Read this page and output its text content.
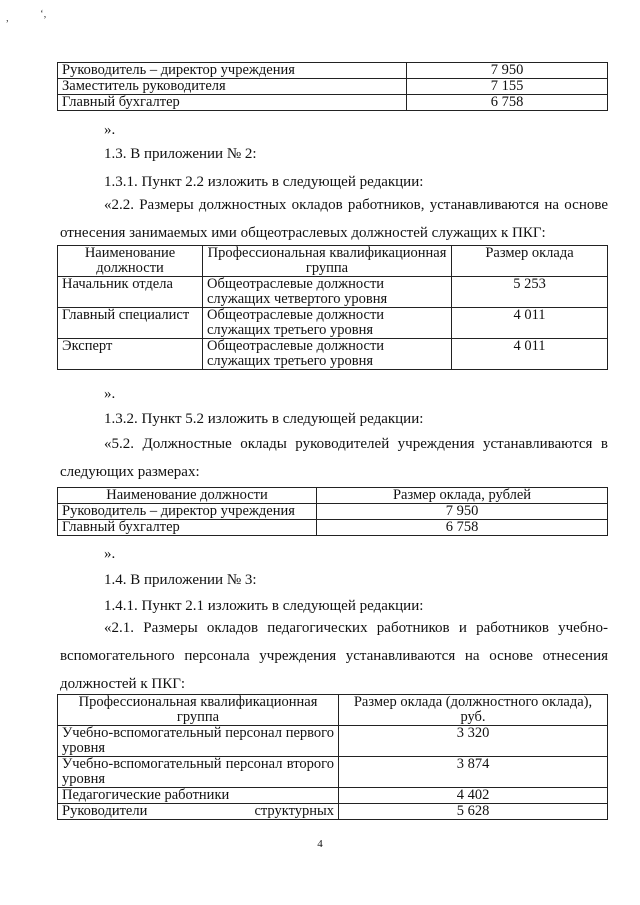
,	‘,
Руководитель – директор учреждения	7 950
Заместитель руководителя	7 155
Главный бухгалтер	6 758
».
1.3. В приложении № 2:
1.3.1. Пункт 2.2 изложить в следующей редакции:
«2.2. Размеры должностных окладов работников, устанавливаются на основе отнесения занимаемых ими общеотраслевых должностей служащих к ПКГ:
Наименование должности	Профессиональная квалификационная группа	Размер оклада
Начальник отдела	Общеотраслевые должности служащих четвертого уровня	5 253
Главный специалист	Общеотраслевые должности служащих третьего уровня	4 011
Эксперт	Общеотраслевые должности служащих третьего уровня	4 011
».
1.3.2. Пункт 5.2 изложить в следующей редакции:
«5.2. Должностные оклады руководителей учреждения устанавливаются в следующих размерах:
Наименование должности	Размер оклада, рублей
Руководитель – директор учреждения	7 950
Главный бухгалтер	6 758
».
1.4. В приложении № 3:
1.4.1. Пункт 2.1 изложить в следующей редакции:
«2.1. Размеры окладов педагогических работников и работников учебно-вспомогательного персонала учреждения устанавливаются на основе отнесения должностей к ПКГ:
Профессиональная квалификационная группа	Размер оклада (должностного оклада), руб.
Учебно-вспомогательный персонал первого уровня	3 320
Учебно-вспомогательный персонал второго уровня	3 874
Педагогические работники	4 402
Руководители структурных	5 628
4
